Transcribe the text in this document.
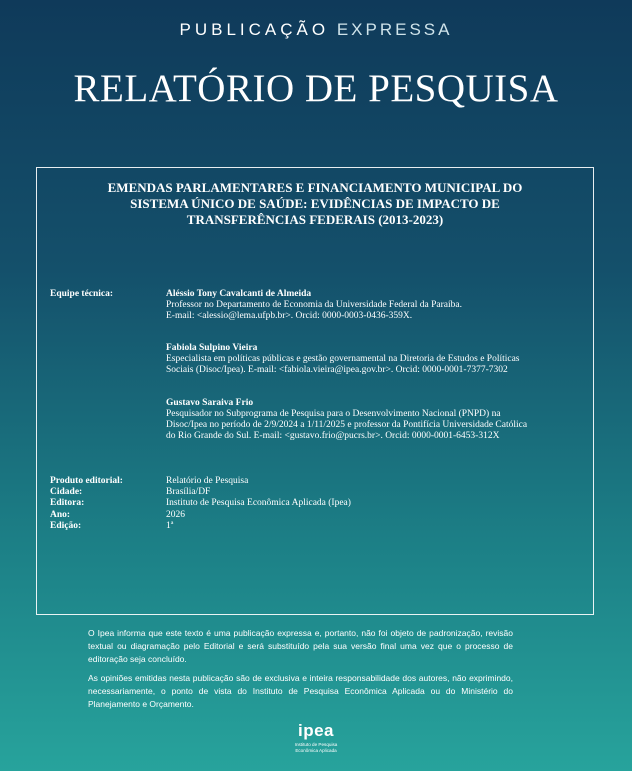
PUBLICAÇÃO EXPRESSA
RELATÓRIO DE PESQUISA
EMENDAS PARLAMENTARES E FINANCIAMENTO MUNICIPAL DO
SISTEMA ÚNICO DE SAÚDE: EVIDÊNCIAS DE IMPACTO DE
TRANSFERÊNCIAS FEDERAIS (2013-2023)
Equipe técnica:	Aléssio Tony Cavalcanti de Almeida
Professor no Departamento de Economia da Universidade Federal da Paraíba.
E-mail: <alessio@lema.ufpb.br>. Orcid: 0000-0003-0436-359X.
Fabiola Sulpino Vieira
Especialista em políticas públicas e gestão governamental na Diretoria de Estudos e Políticas
Sociais (Disoc/Ipea). E-mail: <fabiola.vieira@ipea.gov.br>. Orcid: 0000-0001-7377-7302
Gustavo Saraiva Frio
Pesquisador no Subprograma de Pesquisa para o Desenvolvimento Nacional (PNPD) na
Disoc/Ipea no período de 2/9/2024 a 1/11/2025 e professor da Pontifícia Universidade Católica
do Rio Grande do Sul. E-mail: <gustavo.frio@pucrs.br>. Orcid: 0000-0001-6453-312X
Produto editorial:
Cidade:
Editora:
Ano:
Edição:
Relatório de Pesquisa
Brasília/DF
Instituto de Pesquisa Econômica Aplicada (Ipea)
2026
1ª
O Ipea informa que este texto é uma publicação expressa e, portanto, não foi objeto de padronização, revisão textual ou diagramação pelo Editorial e será substituído pela sua versão final uma vez que o processo de editoração seja concluído.
As opiniões emitidas nesta publicação são de exclusiva e inteira responsabilidade dos autores, não exprimindo, necessariamente, o ponto de vista do Instituto de Pesquisa Econômica Aplicada ou do Ministério do Planejamento e Orçamento.
ipea
Instituto de Pesquisa
Econômica Aplicada
